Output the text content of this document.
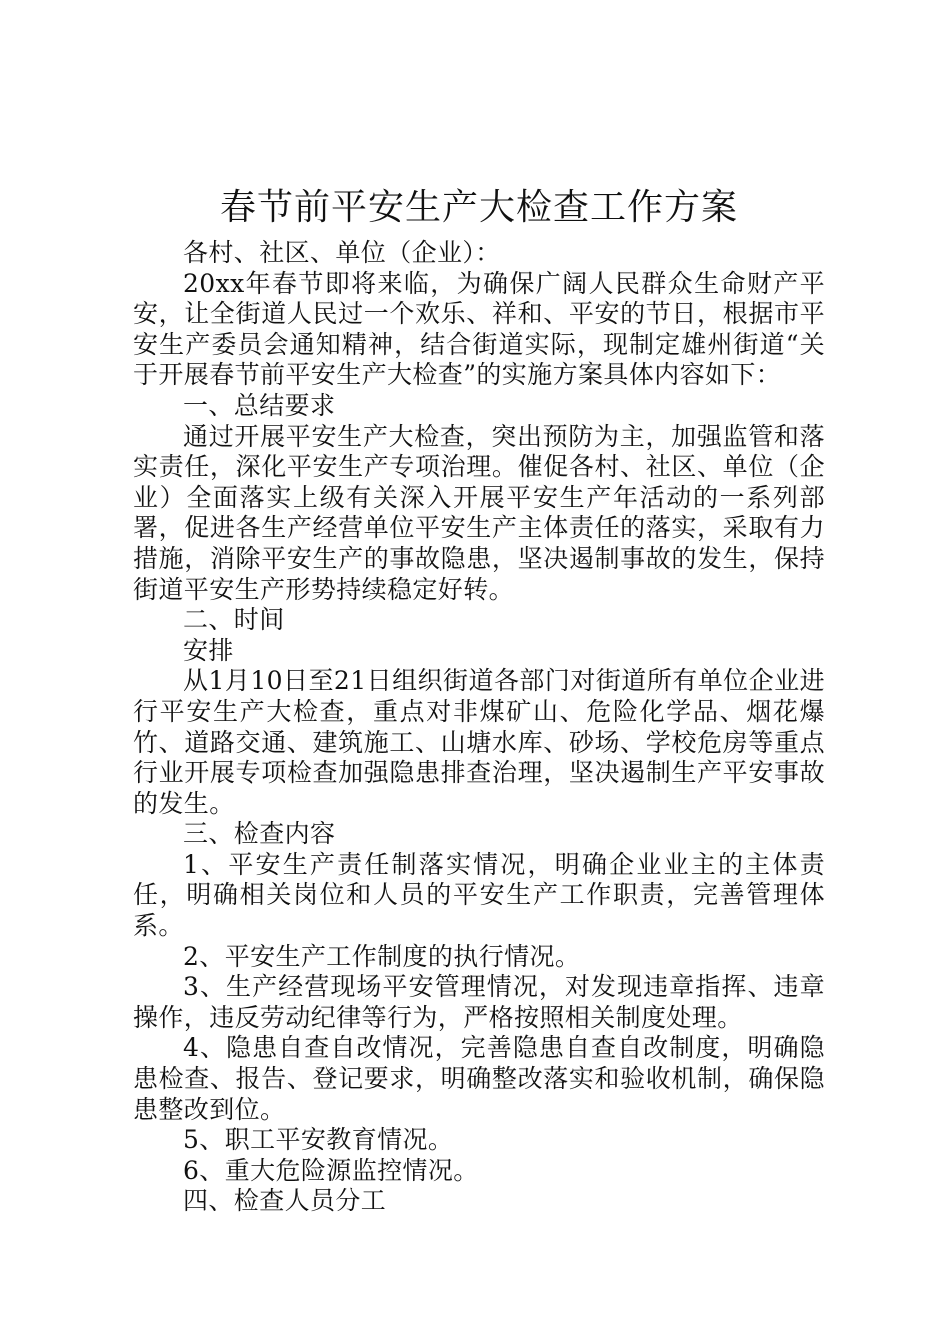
春节前平安生产大检查工作方案

各村、社区、单位（企业）：

20xx年春节即将来临，为确保广阔人民群众生命财产平安，让全街道人民过一个欢乐、祥和、平安的节日，根据市平安生产委员会通知精神，结合街道实际，现制定雄州街道“关于开展春节前平安生产大检查”的实施方案具体内容如下：

一、总结要求

通过开展平安生产大检查，突出预防为主，加强监管和落实责任，深化平安生产专项治理。催促各村、社区、单位（企业）全面落实上级有关深入开展平安生产年活动的一系列部署，促进各生产经营单位平安生产主体责任的落实，采取有力措施，消除平安生产的事故隐患，坚决遏制事故的发生，保持街道平安生产形势持续稳定好转。

二、时间

安排

从1月10日至21日组织街道各部门对街道所有单位企业进行平安生产大检查，重点对非煤矿山、危险化学品、烟花爆竹、道路交通、建筑施工、山塘水库、砂场、学校危房等重点行业开展专项检查加强隐患排查治理，坚决遏制生产平安事故的发生。

三、检查内容

1、平安生产责任制落实情况，明确企业业主的主体责任，明确相关岗位和人员的平安生产工作职责，完善管理体系。

2、平安生产工作制度的执行情况。

3、生产经营现场平安管理情况，对发现违章指挥、违章操作，违反劳动纪律等行为，严格按照相关制度处理。

4、隐患自查自改情况，完善隐患自查自改制度，明确隐患检查、报告、登记要求，明确整改落实和验收机制，确保隐患整改到位。

5、职工平安教育情况。

6、重大危险源监控情况。

四、检查人员分工
